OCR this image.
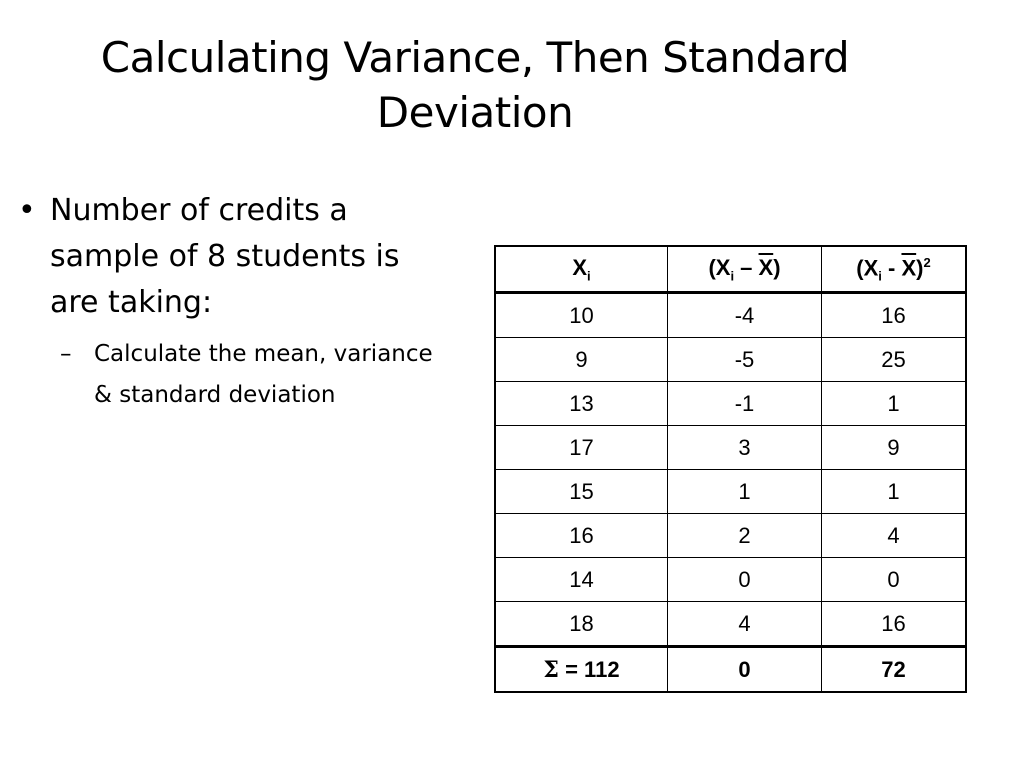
Calculating Variance, Then Standard Deviation
• Number of credits a sample of 8 students is are taking:
– Calculate the mean, variance & standard deviation
$X_i$	$(X_i - \overline{X})$	$(X_i - \overline{X})^2$
10	-4	16
9	-5	25
13	-1	1
17	3	9
15	1	1
16	2	4
14	0	0
18	4	16
Σ = 112	0	72
